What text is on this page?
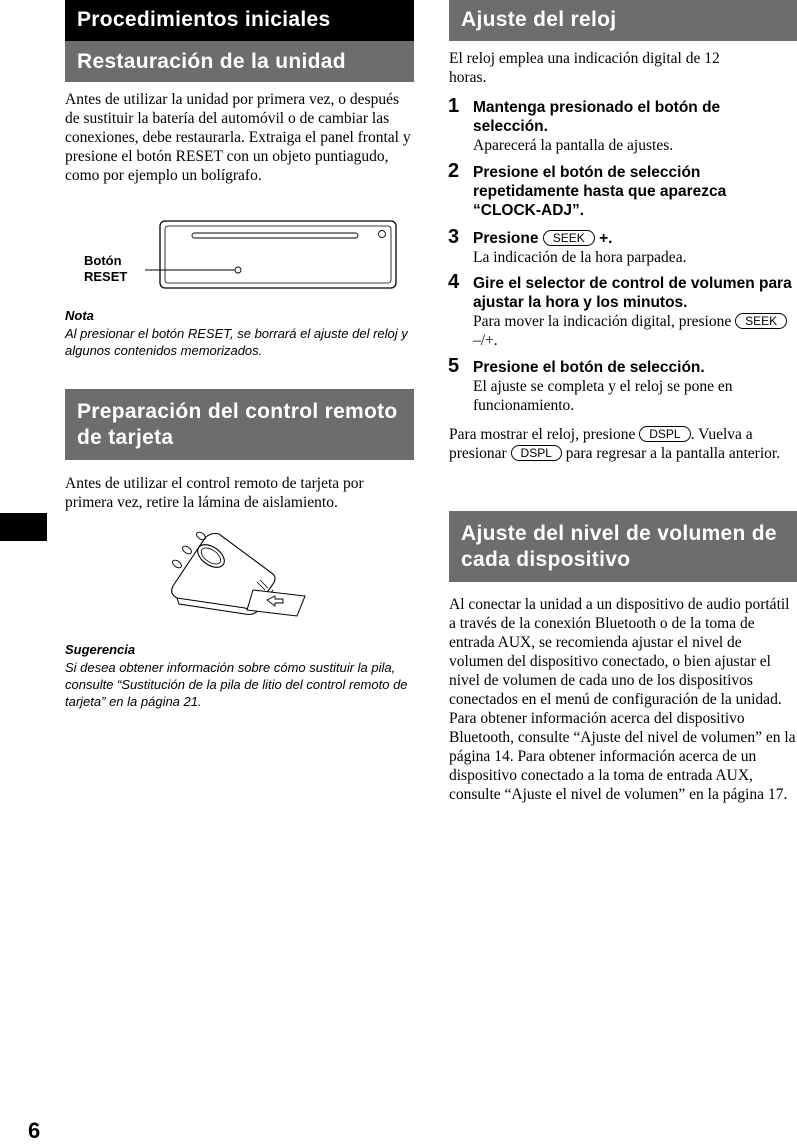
Procedimientos iniciales
Restauración de la unidad
Antes de utilizar la unidad por primera vez, o después de sustituir la batería del automóvil o de cambiar las conexiones, debe restaurarla. Extraiga el panel frontal y presione el botón RESET con un objeto puntiagudo, como por ejemplo un bolígrafo.
Botón
RESET
Nota
Al presionar el botón RESET, se borrará el ajuste del reloj y algunos contenidos memorizados.
Preparación del control remoto de tarjeta
Antes de utilizar el control remoto de tarjeta por primera vez, retire la lámina de aislamiento.
Sugerencia
Si desea obtener información sobre cómo sustituir la pila, consulte “Sustitución de la pila de litio del control remoto de tarjeta” en la página 21.
Ajuste del reloj
El reloj emplea una indicación digital de 12 horas.
1 Mantenga presionado el botón de selección.
Aparecerá la pantalla de ajustes.
2 Presione el botón de selección repetidamente hasta que aparezca “CLOCK-ADJ”.
3 Presione SEEK +.
La indicación de la hora parpadea.
4 Gire el selector de control de volumen para ajustar la hora y los minutos.
Para mover la indicación digital, presione SEEK –/+.
5 Presione el botón de selección.
El ajuste se completa y el reloj se pone en funcionamiento.
Para mostrar el reloj, presione DSPL . Vuelva a presionar DSPL para regresar a la pantalla anterior.
Ajuste del nivel de volumen de cada dispositivo
Al conectar la unidad a un dispositivo de audio portátil a través de la conexión Bluetooth o de la toma de entrada AUX, se recomienda ajustar el nivel de volumen del dispositivo conectado, o bien ajustar el nivel de volumen de cada uno de los dispositivos conectados en el menú de configuración de la unidad. Para obtener información acerca del dispositivo Bluetooth, consulte “Ajuste del nivel de volumen” en la página 14. Para obtener información acerca de un dispositivo conectado a la toma de entrada AUX, consulte “Ajuste el nivel de volumen” en la página 17.
6
